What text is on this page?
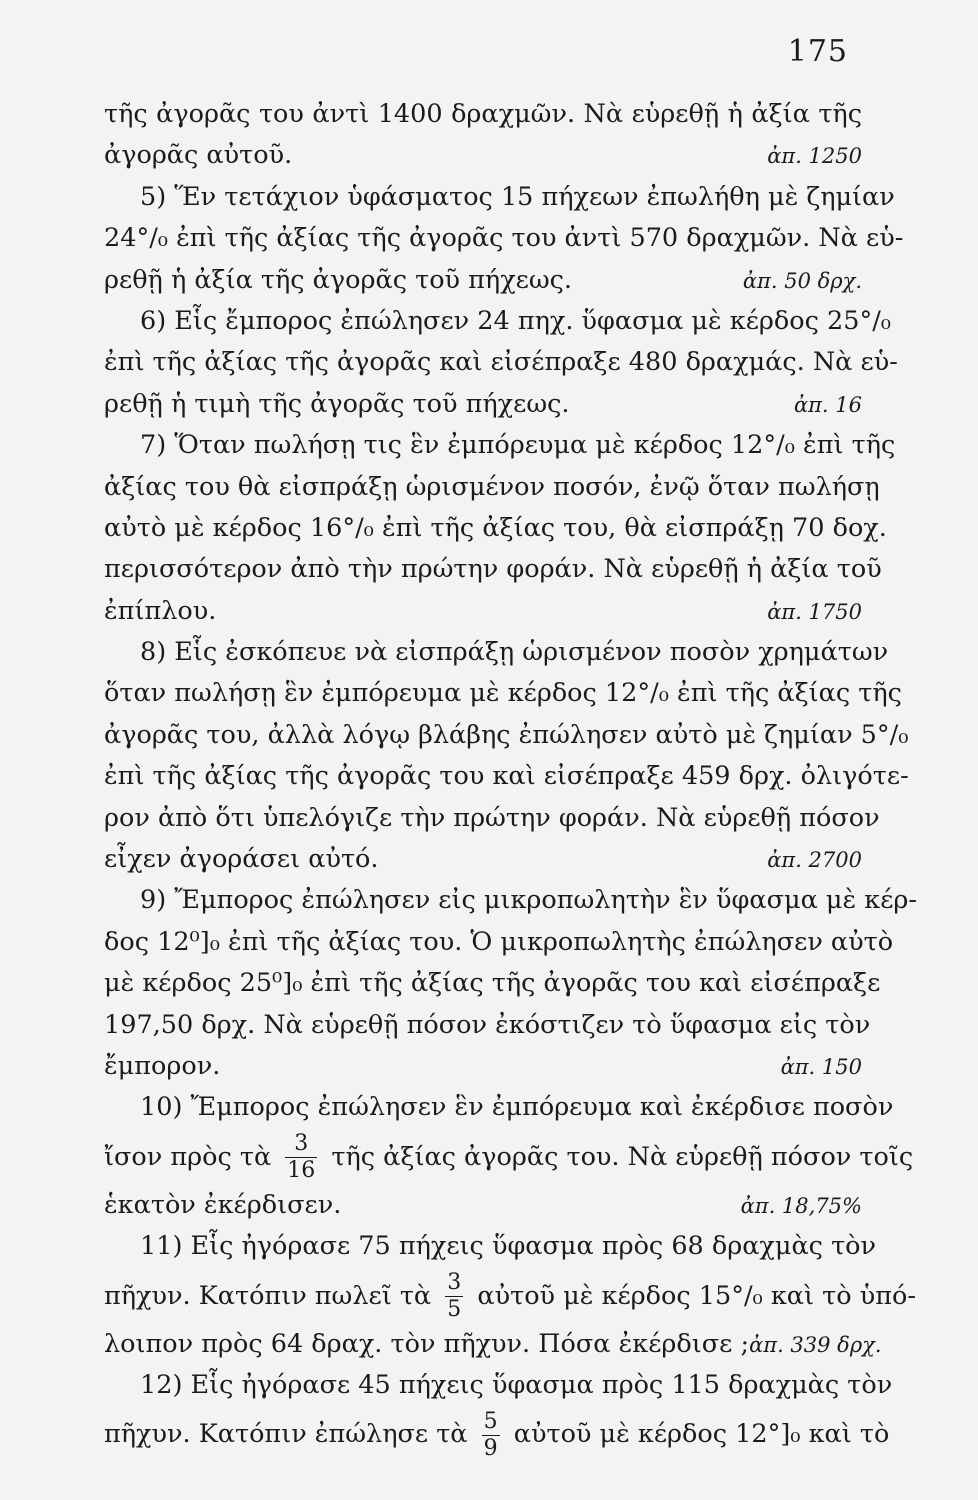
175
τῆς ἀγορᾶς του ἀντὶ 1400 δραχμῶν. Νὰ εὑρεθῇ ἡ ἀξία τῆς
ἀγορᾶς αὐτοῦ.	ἀπ. 1250
5) Ἕν τετάχιον ὑφάσματος 15 πήχεων ἐπωλήθη μὲ ζημίαν
24°/₀ ἐπὶ τῆς ἀξίας τῆς ἀγορᾶς του ἀντὶ 570 δραχμῶν. Νὰ εὑ-
ρεθῇ ἡ ἀξία τῆς ἀγορᾶς τοῦ πήχεως.	ἀπ. 50 δρχ.
6) Εἷς ἔμπορος ἐπώλησεν 24 πηχ. ὕφασμα μὲ κέρδος 25°/₀
ἐπὶ τῆς ἀξίας τῆς ἀγορᾶς καὶ εἰσέπραξε 480 δραχμάς. Νὰ εὑ-
ρεθῇ ἡ τιμὴ τῆς ἀγορᾶς τοῦ πήχεως.	ἀπ. 16
7) Ὅταν πωλήσῃ τις ἓν ἐμπόρευμα μὲ κέρδος 12°/₀ ἐπὶ τῆς
ἀξίας του θὰ εἰσπράξῃ ὡρισμένον ποσόν, ἐνῷ ὅταν πωλήσῃ
αὐτὸ μὲ κέρδος 16°/₀ ἐπὶ τῆς ἀξίας του, θὰ εἰσπράξῃ 70 δοχ.
περισσότερον ἀπὸ τὴν πρώτην φοράν. Νὰ εὑρεθῇ ἡ ἀξία τοῦ
ἐπίπλου.	ἀπ. 1750
8) Εἷς ἐσκόπευε νὰ εἰσπράξῃ ὡρισμένον ποσὸν χρημάτων
ὅταν πωλήσῃ ἓν ἐμπόρευμα μὲ κέρδος 12°/₀ ἐπὶ τῆς ἀξίας τῆς
ἀγορᾶς του, ἀλλὰ λόγῳ βλάβης ἐπώλησεν αὐτὸ μὲ ζημίαν 5°/₀
ἐπὶ τῆς ἀξίας τῆς ἀγορᾶς του καὶ εἰσέπραξε 459 δρχ. ὀλιγότε-
ρον ἀπὸ ὅτι ὑπελόγιζε τὴν πρώτην φοράν. Νὰ εὑρεθῇ πόσον
εἶχεν ἀγοράσει αὐτό.	ἀπ. 2700
9) Ἔμπορος ἐπώλησεν εἰς μικροπωλητὴν ἓν ὕφασμα μὲ κέρ-
δος 12⁰]₀ ἐπὶ τῆς ἀξίας του. Ὁ μικροπωλητὴς ἐπώλησεν αὐτὸ
μὲ κέρδος 25⁰]₀ ἐπὶ τῆς ἀξίας τῆς ἀγορᾶς του καὶ εἰσέπραξε
197,50 δρχ. Νὰ εὑρεθῇ πόσον ἐκόστιζεν τὸ ὕφασμα εἰς τὸν
ἔμπορον.	ἀπ. 150
10) Ἔμπορος ἐπώλησεν ἓν ἐμπόρευμα καὶ ἐκέρδισε ποσὸν
ἴσον πρὸς τὰ $\frac{3}{16}$ τῆς ἀξίας ἀγορᾶς του. Νὰ εὑρεθῇ πόσον τοῖς
ἑκατὸν ἐκέρδισεν.	ἀπ. 18,75%
11) Εἷς ἠγόρασε 75 πήχεις ὕφασμα πρὸς 68 δραχμὰς τὸν
πῆχυν. Κατόπιν πωλεῖ τὰ $\frac{3}{5}$ αὐτοῦ μὲ κέρδος 15°/₀ καὶ τὸ ὑπό-
λοιπον πρὸς 64 δραχ. τὸν πῆχυν. Πόσα ἐκέρδισε ; ἀπ. 339 δρχ.
12) Εἷς ἠγόρασε 45 πήχεις ὕφασμα πρὸς 115 δραχμὰς τὸν
πῆχυν. Κατόπιν ἐπώλησε τὰ $\frac{5}{9}$ αὐτοῦ μὲ κέρδος 12°]₀ καὶ τὸ
